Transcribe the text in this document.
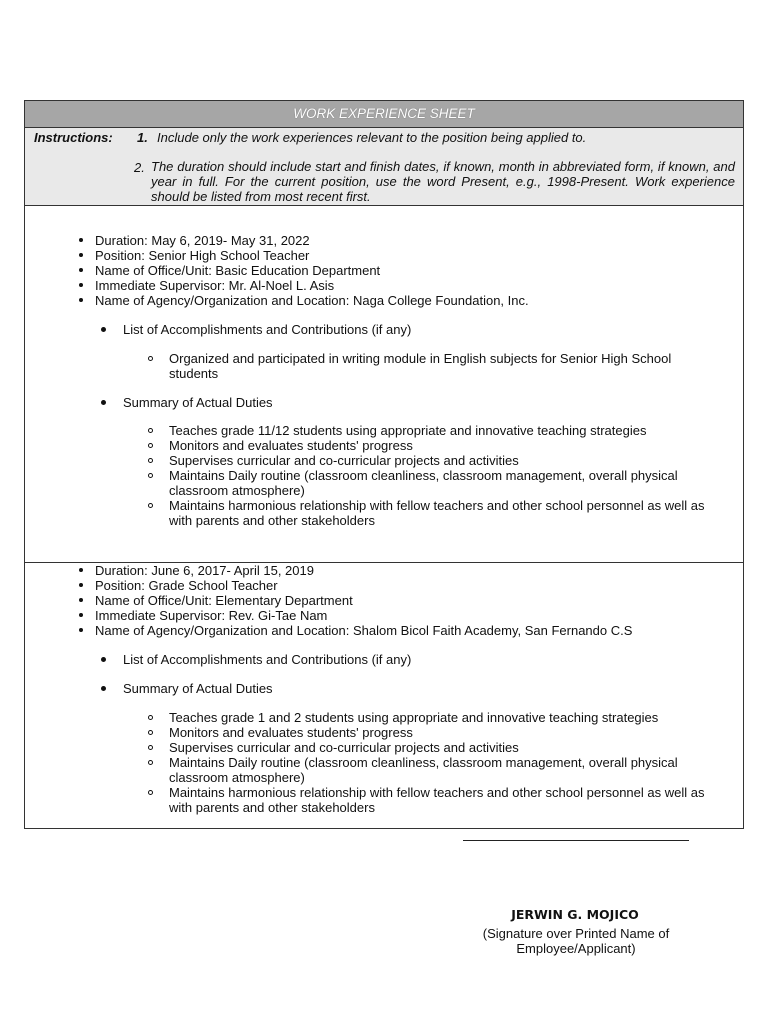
WORK EXPERIENCE SHEET
Instructions: 1. Include only the work experiences relevant to the position being applied to.
2. The duration should include start and finish dates, if known, month in abbreviated form, if known, and year in full. For the current position, use the word Present, e.g., 1998-Present. Work experience should be listed from most recent first.
Duration: May 6, 2019- May 31, 2022
Position: Senior High School Teacher
Name of Office/Unit: Basic Education Department
Immediate Supervisor: Mr. Al-Noel L. Asis
Name of Agency/Organization and Location: Naga College Foundation, Inc.
List of Accomplishments and Contributions (if any)
Organized and participated in writing module in English subjects for Senior High School students
Summary of Actual Duties
Teaches grade 11/12 students using appropriate and innovative teaching strategies
Monitors and evaluates students' progress
Supervises curricular and co-curricular projects and activities
Maintains Daily routine (classroom cleanliness, classroom management, overall physical classroom atmosphere)
Maintains harmonious relationship with fellow teachers and other school personnel as well as with parents and other stakeholders
Duration: June 6, 2017- April 15, 2019
Position: Grade School Teacher
Name of Office/Unit: Elementary Department
Immediate Supervisor: Rev. Gi-Tae Nam
Name of Agency/Organization and Location: Shalom Bicol Faith Academy, San Fernando C.S
List of Accomplishments and Contributions (if any)
Summary of Actual Duties
Teaches grade 1 and 2 students using appropriate and innovative teaching strategies
Monitors and evaluates students' progress
Supervises curricular and co-curricular projects and activities
Maintains Daily routine (classroom cleanliness, classroom management, overall physical classroom atmosphere)
Maintains harmonious relationship with fellow teachers and other school personnel as well as with parents and other stakeholders
JERWIN G. MOJICO
(Signature over Printed Name of Employee/Applicant)
